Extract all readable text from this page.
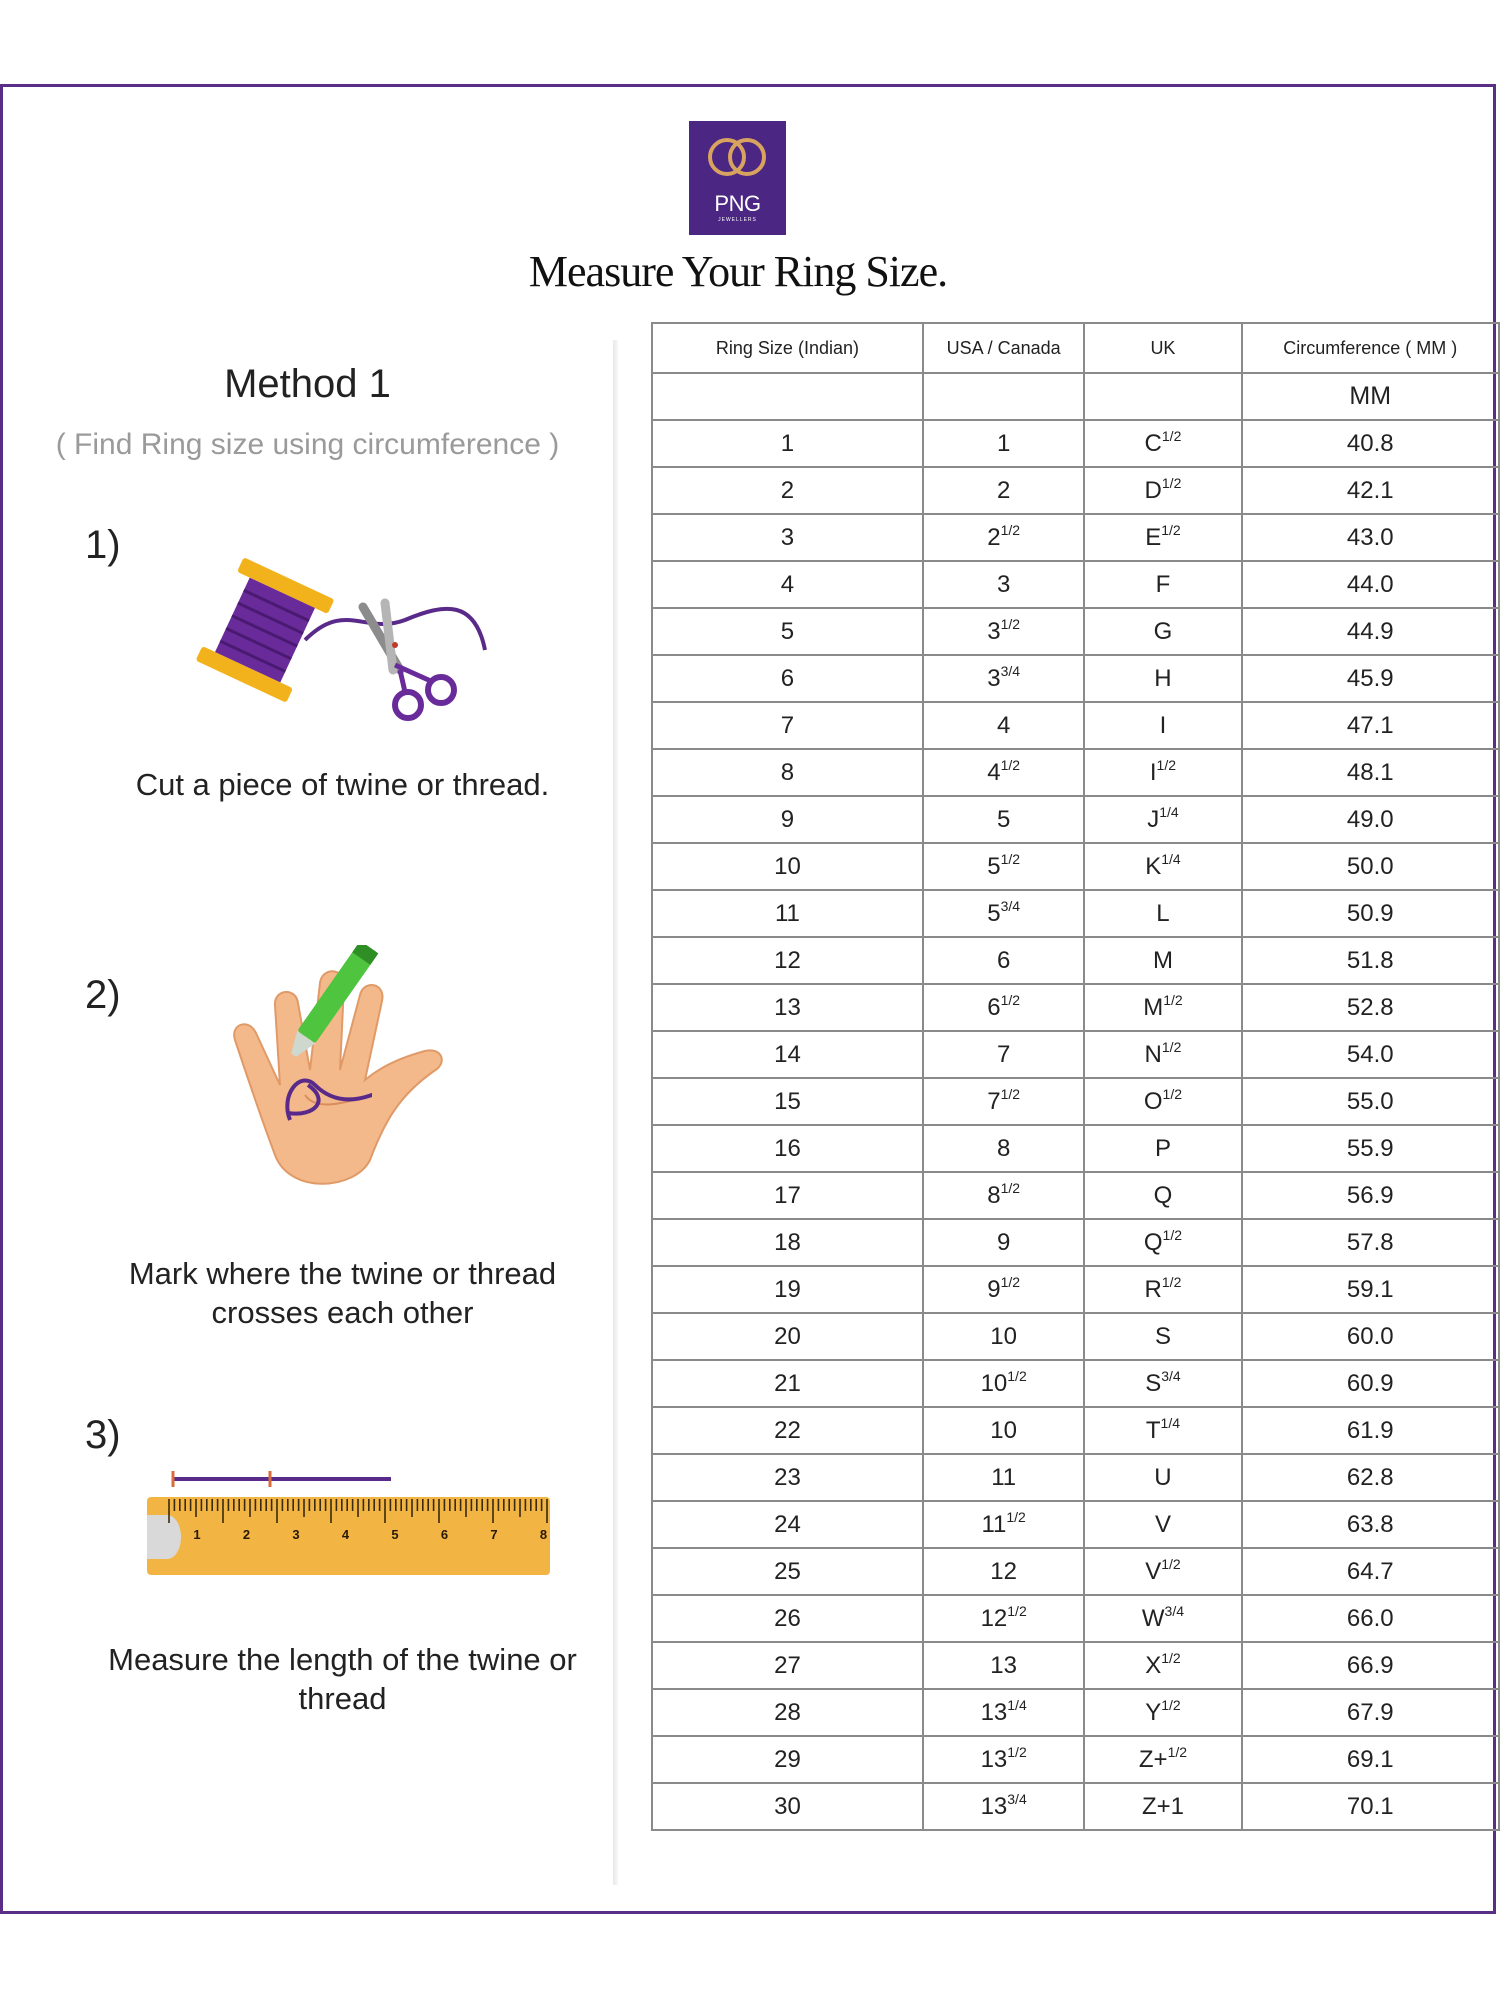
PNG
JEWELLERS
Measure Your Ring Size.
Method 1
( Find Ring size using circumference )
1)
Cut a piece of twine or thread.
2)
Mark where the twine or thread crosses each other
3)
1	2	3	4	5	6	7	8
Measure the length of the twine or thread
Ring Size (Indian)	USA / Canada	UK	Circumference ( MM )
			MM
1	1	$C^{1/2}$	40.8
2	2	$D^{1/2}$	42.1
3	$2^{1/2}$	$E^{1/2}$	43.0
4	3	F	44.0
5	$3^{1/2}$	G	44.9
6	$3^{3/4}$	H	45.9
7	4	I	47.1
8	$4^{1/2}$	$I^{1/2}$	48.1
9	5	$J^{1/4}$	49.0
10	$5^{1/2}$	$K^{1/4}$	50.0
11	$5^{3/4}$	L	50.9
12	6	M	51.8
13	$6^{1/2}$	$M^{1/2}$	52.8
14	7	$N^{1/2}$	54.0
15	$7^{1/2}$	$O^{1/2}$	55.0
16	8	P	55.9
17	$8^{1/2}$	Q	56.9
18	9	$Q^{1/2}$	57.8
19	$9^{1/2}$	$R^{1/2}$	59.1
20	10	S	60.0
21	$10^{1/2}$	$S^{3/4}$	60.9
22	10	$T^{1/4}$	61.9
23	11	U	62.8
24	$11^{1/2}$	V	63.8
25	12	$V^{1/2}$	64.7
26	$12^{1/2}$	$W^{3/4}$	66.0
27	13	$X^{1/2}$	66.9
28	$13^{1/4}$	$Y^{1/2}$	67.9
29	$13^{1/2}$	Z+$^{1/2}$	69.1
30	$13^{3/4}$	Z+1	70.1
